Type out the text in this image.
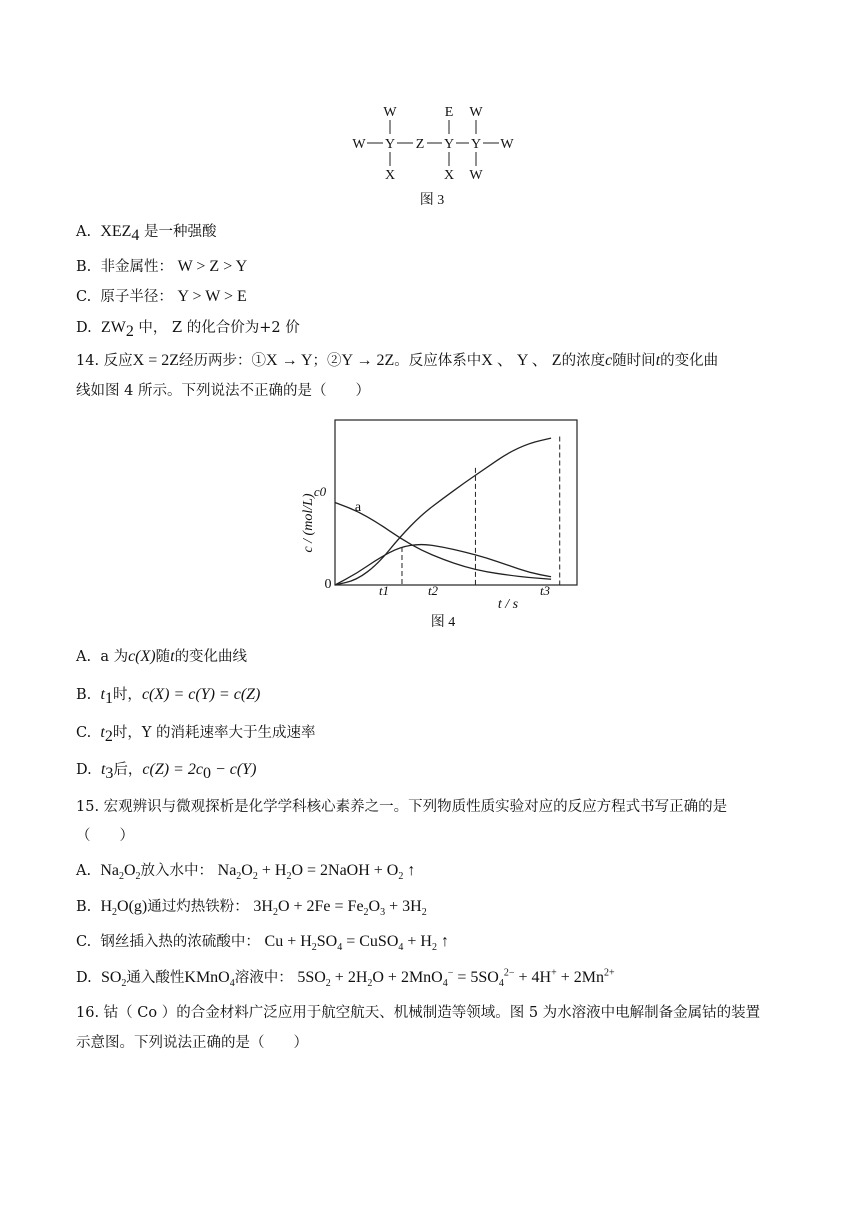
W
W Y Z Y Y W
X	X W
E W
图 3
A. $XEZ_4$ 是一种强酸
B. 非金属性： W > Z > Y
C. 原子半径： Y > W > E
D. $ZW_2$ 中， Z 的化合价为+2 价
14. 反应X = 2Z经历两步：①X → Y；②Y → 2Z。反应体系中X 、 Y 、 Z的浓度c随时间t的变化曲
线如图 4 所示。下列说法不正确的是（　　）
c / (mol/L)
c0
0
a
t / s
t1	t2	t3
图 4
A. a 为c(X)随t的变化曲线
B. $t_1$时，c(X) = c(Y) = c(Z)
C. $t_2$时，Y 的消耗速率大于生成速率
D. $t_3$后，$c(Z) = 2c_0 - c(Y)$
15. 宏观辨识与微观探析是化学学科核心素养之一。下列物质性质实验对应的反应方程式书写正确的是
（　　）
A. $Na_2O_2$放入水中： $Na_2O_2 + H_2O$ = 2NaOH + $O_2$ ↑
B. $H_2O(g)$通过灼热铁粉： $3H_2O + 2Fe = Fe_2O_3 + 3H_2$
C. 钢丝插入热的浓硫酸中： $Cu + H_2SO_4$ = CuSO$_4$ + $H_2$ ↑
D. $SO_2$通入酸性KMnO$_4$溶液中： $5SO_2 + 2H_2O + 2MnO_4^- = 5SO_4^{2-} + 4H^+ + 2Mn^{2+}$
16. 钴（ Co ）的合金材料广泛应用于航空航天、机械制造等领域。图 5 为水溶液中电解制备金属钴的装置
示意图。下列说法正确的是（　　）
